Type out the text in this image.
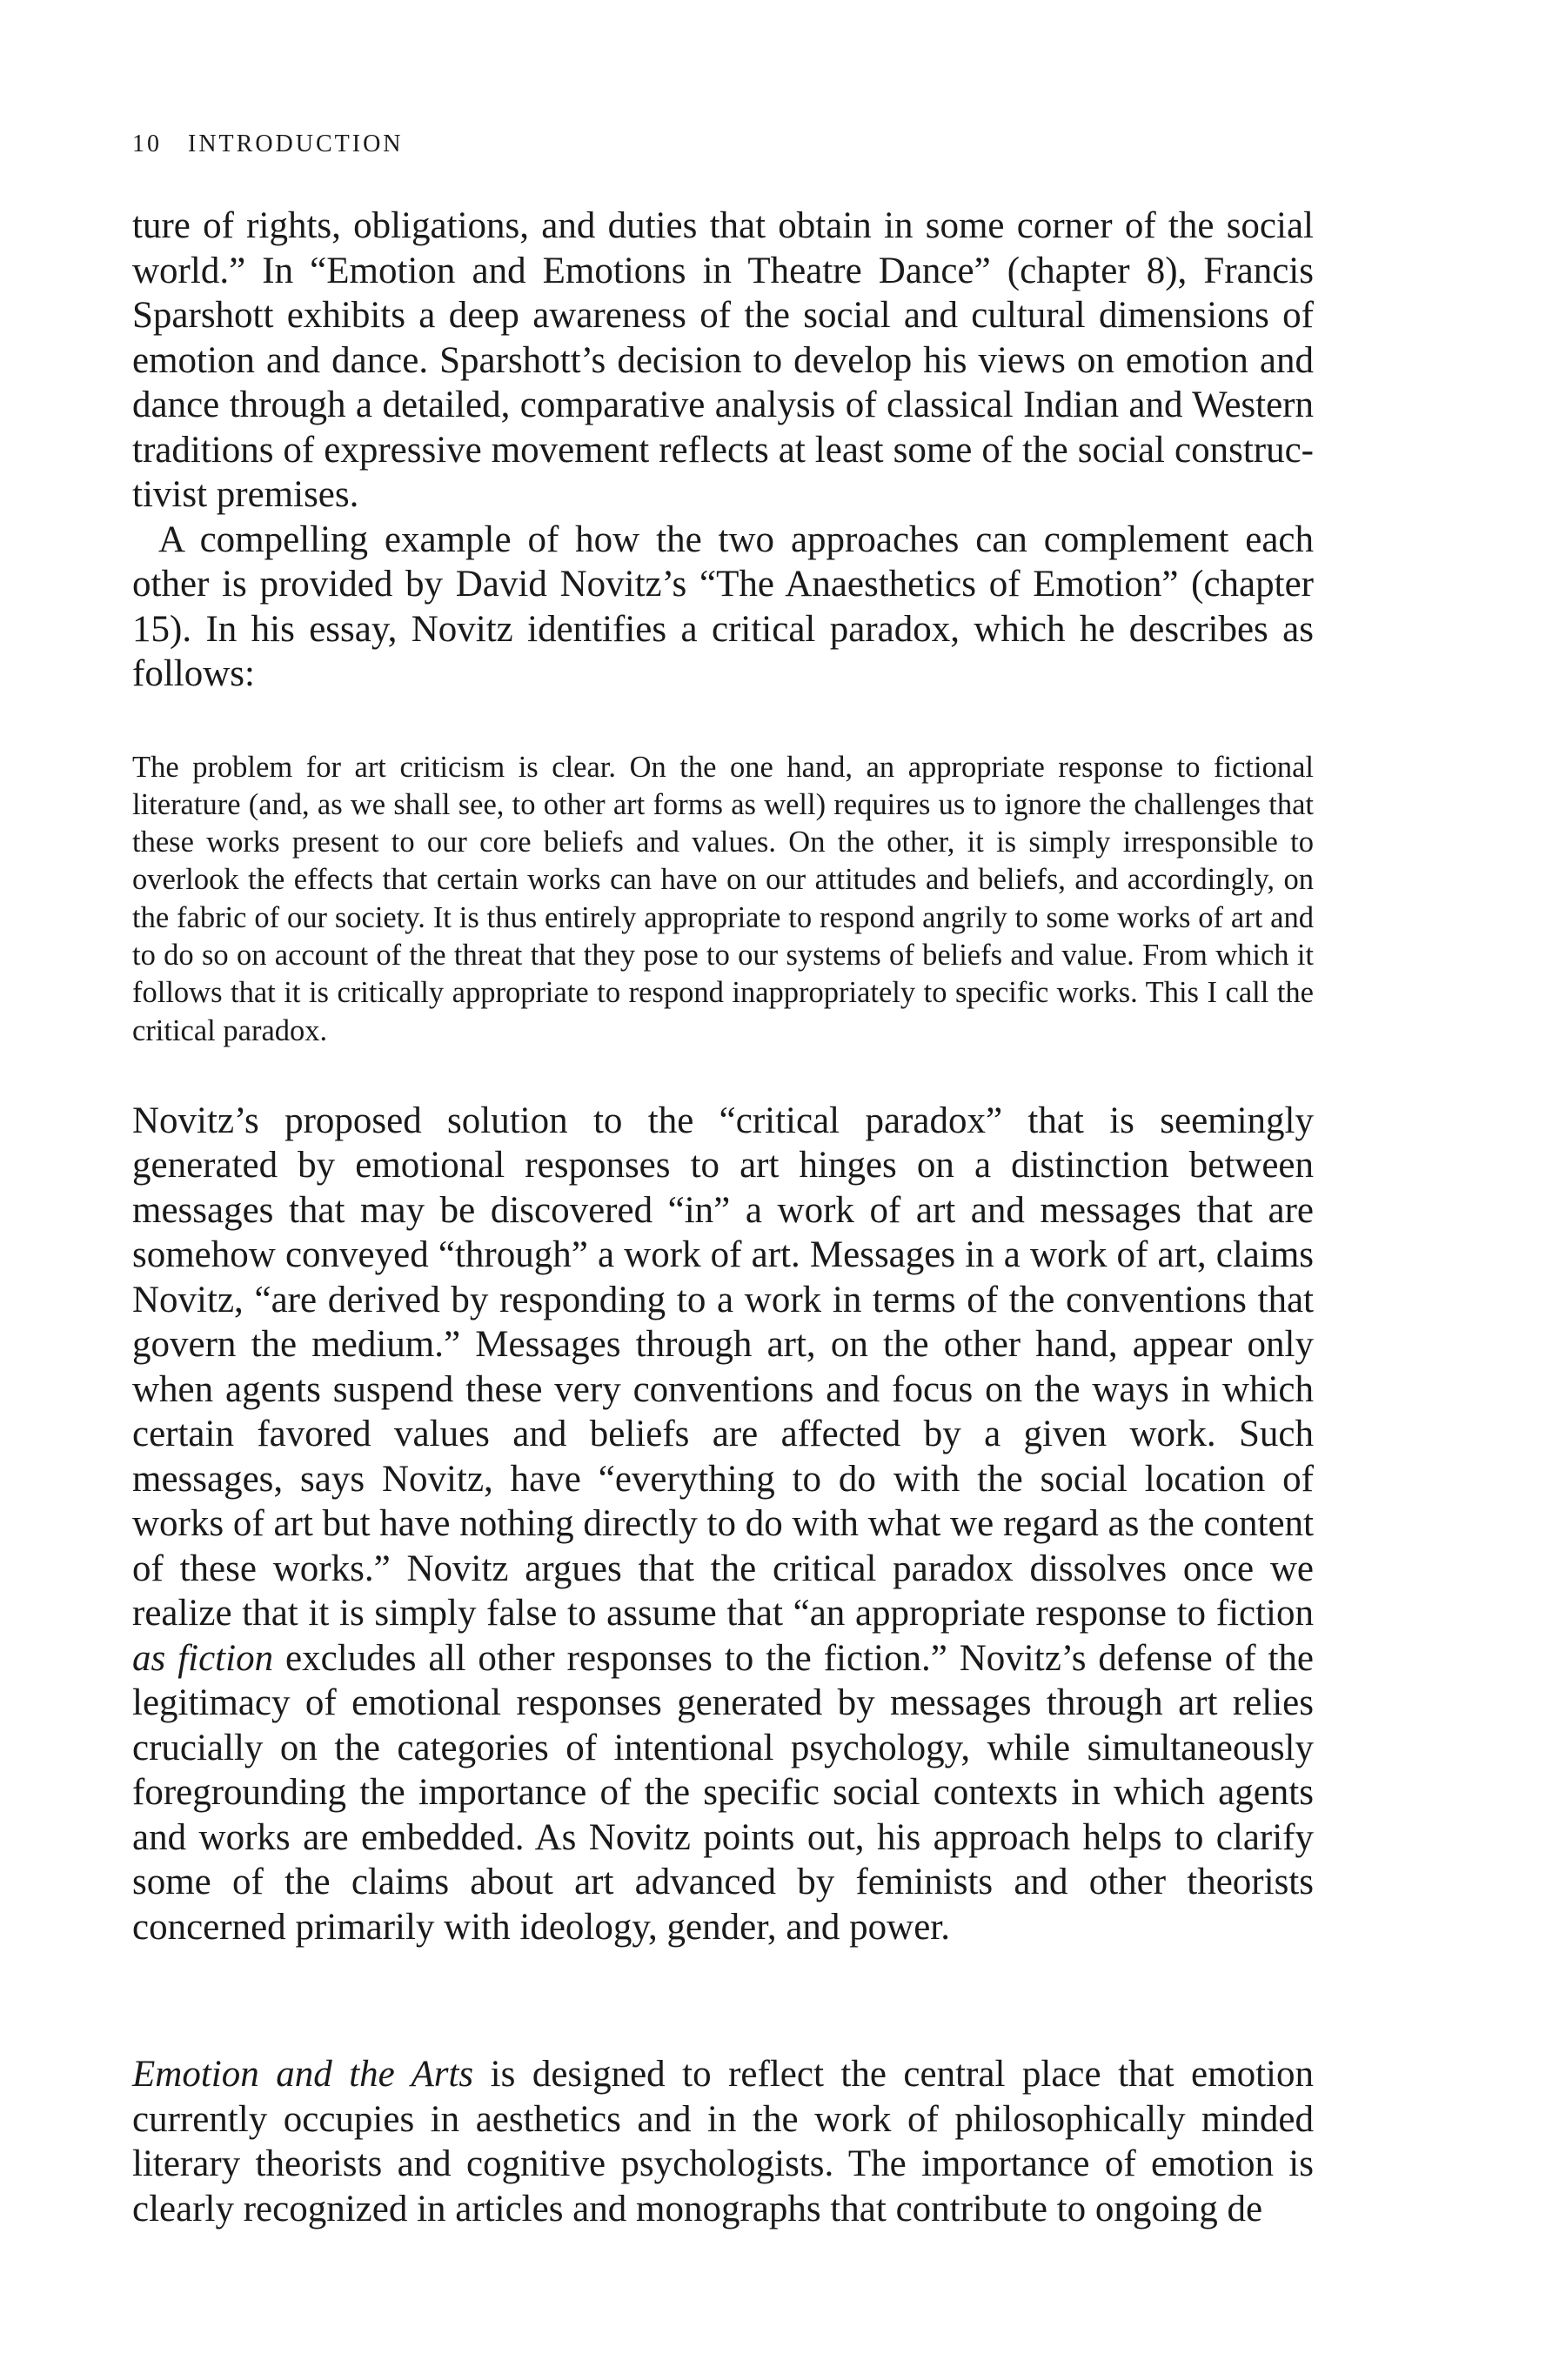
10 INTRODUCTION

ture of rights, obligations, and duties that obtain in some corner of the social world.” In “Emotion and Emotions in Theatre Dance” (chapter 8), Francis Sparshott exhibits a deep awareness of the social and cultural dimensions of emotion and dance. Sparshott’s decision to develop his views on emotion and dance through a detailed, comparative analysis of classical Indian and Western traditions of expressive movement reflects at least some of the social constructivist premises.

A compelling example of how the two approaches can complement each other is provided by David Novitz’s “The Anaesthetics of Emotion” (chapter 15). In his essay, Novitz identifies a critical paradox, which he describes as follows:

The problem for art criticism is clear. On the one hand, an appropriate response to fictional literature (and, as we shall see, to other art forms as well) requires us to ignore the challenges that these works present to our core beliefs and values. On the other, it is simply irresponsible to overlook the effects that certain works can have on our attitudes and beliefs, and accordingly, on the fabric of our society. It is thus entirely appropriate to respond angrily to some works of art and to do so on account of the threat that they pose to our systems of beliefs and value. From which it follows that it is critically appropriate to respond inappropriately to specific works. This I call the critical paradox.

Novitz’s proposed solution to the “critical paradox” that is seemingly generated by emotional responses to art hinges on a distinction between messages that may be discovered “in” a work of art and messages that are somehow conveyed “through” a work of art. Messages in a work of art, claims Novitz, “are derived by responding to a work in terms of the conventions that govern the medium.” Messages through art, on the other hand, appear only when agents suspend these very conventions and focus on the ways in which certain favored values and beliefs are affected by a given work. Such messages, says Novitz, have “everything to do with the social location of works of art but have nothing directly to do with what we regard as the content of these works.” Novitz argues that the critical paradox dissolves once we realize that it is simply false to assume that “an appropriate response to fiction as fiction excludes all other responses to the fiction.” Novitz’s defense of the legitimacy of emotional responses generated by messages through art relies crucially on the categories of intentional psychology, while simultaneously foregrounding the importance of the specific social contexts in which agents and works are embedded. As Novitz points out, his approach helps to clarify some of the claims about art advanced by feminists and other theorists concerned primarily with ideology, gender, and power.

Emotion and the Arts is designed to reflect the central place that emotion currently occupies in aesthetics and in the work of philosophically minded literary theorists and cognitive psychologists. The importance of emotion is clearly recognized in articles and monographs that contribute to ongoing de
